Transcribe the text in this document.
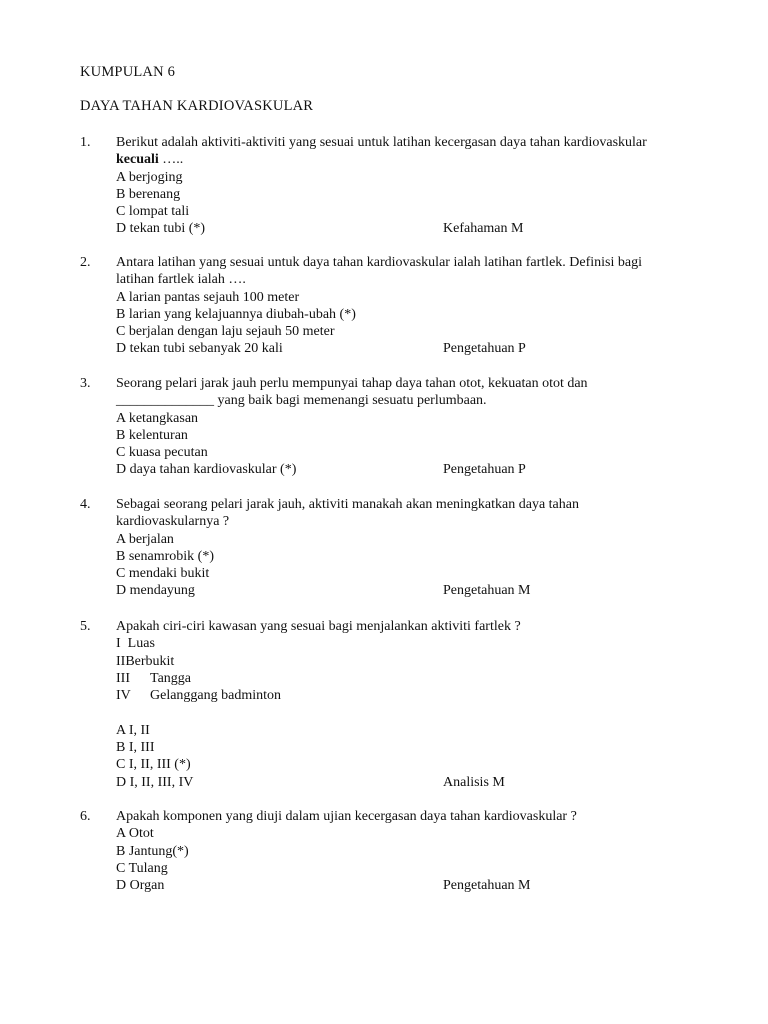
KUMPULAN 6
DAYA TAHAN KARDIOVASKULAR
1. Berikut adalah aktiviti-aktiviti yang sesuai untuk latihan kecergasan daya tahan kardiovaskular
kecuali …..
A berjoging
B berenang
C lompat tali
D tekan tubi (*)	Kefahaman M
2. Antara latihan yang sesuai untuk daya tahan kardiovaskular ialah latihan fartlek. Definisi bagi
latihan fartlek ialah ….
A larian pantas sejauh 100 meter
B larian yang kelajuannya diubah-ubah (*)
C berjalan dengan laju sejauh 50 meter
D tekan tubi sebanyak 20 kali	Pengetahuan P
3. Seorang pelari jarak jauh perlu mempunyai tahap daya tahan otot, kekuatan otot dan
______________ yang baik bagi memenangi sesuatu perlumbaan.
A ketangkasan
B kelenturan
C kuasa pecutan
D daya tahan kardiovaskular (*)	Pengetahuan P
4. Sebagai seorang pelari jarak jauh, aktiviti manakah akan meningkatkan daya tahan
kardiovaskularnya ?
A berjalan
B senamrobik (*)
C mendaki bukit
D mendayung	Pengetahuan M
5. Apakah ciri-ciri kawasan yang sesuai bagi menjalankan aktiviti fartlek ?
I Luas
IIBerbukit
III Tangga
IV Gelanggang badminton
A I, II
B I, III
C I, II, III (*)
D I, II, III, IV	Analisis M
6. Apakah komponen yang diuji dalam ujian kecergasan daya tahan kardiovaskular ?
A Otot
B Jantung(*)
C Tulang
D Organ	Pengetahuan M
